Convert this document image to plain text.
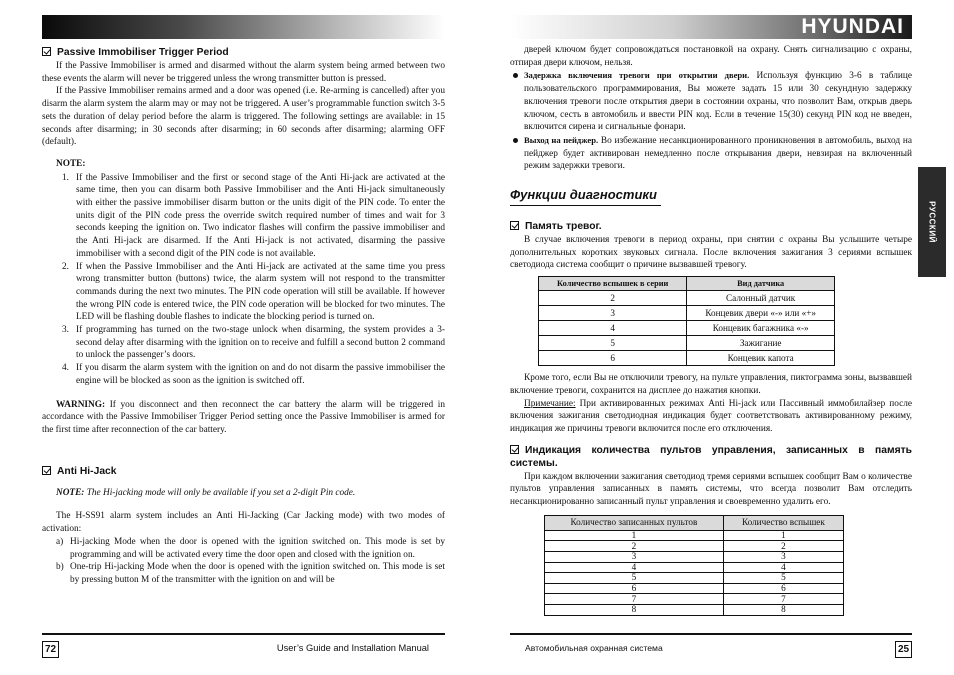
Passive Immobiliser Trigger Period

If the Passive Immobiliser is armed and disarmed without the alarm system being armed between two these events the alarm will never be triggered unless the wrong transmitter button is pressed.

If the Passive Immobiliser remains armed and a door was opened (i.e. Re-arming is cancelled) after you disarm the alarm system the alarm may or may not be triggered. A user’s programmable function switch 3-5 sets the duration of delay period before the alarm is triggered. The following settings are available: in 15 seconds after disarming; in 30 seconds after disarming; in 60 seconds after disarming; alarming OFF (default).

NOTE:
1. If the Passive Immobiliser and the first or second stage of the Anti Hi-jack are activated at the same time, then you can disarm both Passive Immobiliser and the Anti Hi-jack simultaneously with either the passive immobiliser disarm button or the units digit of the PIN code. To enter the units digit of the PIN code press the override switch required number of times and wait for 3 seconds keeping the ignition on. Two indicator flashes will confirm the passive immobiliser and the Anti Hi-jack are disarmed. If the Anti Hi-jack is not activated, disarming the passive immobiliser with a second digit of the PIN code is not available.
2. If when the Passive Immobiliser and the Anti Hi-jack are activated at the same time you press wrong transmitter button (buttons) twice, the alarm system will not respond to the transmitter commands during the next two minutes. The PIN code operation will still be available. If however the wrong PIN code is entered twice, the PIN code operation will be blocked for two minutes. The LED will be flashing double flashes to indicate the blocking period is turned on.
3. If programming has turned on the two-stage unlock when disarming, the system provides a 3-second delay after disarming with the ignition on to receive and fulfill a second button 2 command to unlock the passenger’s doors.
4. If you disarm the alarm system with the ignition on and do not disarm the passive immobiliser the engine will be blocked as soon as the ignition is switched off.

WARNING: If you disconnect and then reconnect the car battery the alarm will be triggered in accordance with the Passive Immobiliser Trigger Period setting once the Passive Immobiliser is armed for the first time after reconnection of the car battery.

Anti Hi-Jack

NOTE: The Hi-jacking mode will only be available if you set a 2-digit Pin code.

The H-SS91 alarm system includes an Anti Hi-Jacking (Car Jacking mode) with two modes of activation:

a) Hi-jacking Mode when the door is opened with the ignition switched on. This mode is set by programming and will be activated every time the door open and closed with the ignition on.
b) One-trip Hi-jacking Mode when the door is opened with the ignition switched on. This mode is set by pressing button M of the transmitter with the ignition on and will be
72	User’s Guide and Installation Manual
HYUNDAI

дверей ключом будет сопровождаться постановкой на охрану. Снять сигнализацию с охраны, отпирая двери ключом, нельзя.

Задержка включения тревоги при открытии двери. Используя функцию 3-6 в таблице пользовательского программирования, Вы можете задать 15 или 30 секундную задержку включения тревоги после открытия двери в состоянии охраны, что позволит Вам, открыв дверь ключом, сесть в автомобиль и ввести PIN код. Если в течение 15(30) секунд PIN код не введен, включится сирена и сигнальные фонари.
Выход на пейджер. Во избежание несанкционированного проникновения в автомобиль, выход на пейджер будет активирован немедленно после открывания двери, невзирая на включенный режим задержки тревоги.
Функции диагностики
Память тревог.

В случае включения тревоги в период охраны, при снятии с охраны Вы услышите четыре дополнительных коротких звуковых сигнала. После включения зажигания 3 сериями вспышек светодиода система сообщит о причине вызвавшей тревогу.

Количество вспышек в серии	Вид датчика
2	Салонный датчик
3	Концевик двери «-» или «+»
4	Концевик багажника «-»
5	Зажигание
6	Концевик капота

Кроме того, если Вы не отключили тревогу, на пульте управления, пиктограмма зоны, вызвавшей включение тревоги, сохранится на дисплее до нажатия кнопки.

Примечание: При активированных режимах Anti Hi-jack или Пассивный иммобилайзер после включения зажигания светодиодная индикация будет соответствовать активированному режиму, индикация же причины тревоги включится после его отключения.

Индикация количества пультов управления, записанных в память системы.

При каждом включении зажигания светодиод тремя сериями вспышек сообщит Вам о количестве пультов управления записанных в память системы, что всегда позволит Вам отследить несанкционированно записанный пульт управления и своевременно удалить его.

Количество записанных пультов	Количество вспышек
1	1
2	2
3	3
4	4
5	5
6	6
7	7
8	8
РУССКИЙ
Автомобильная охранная система	25
